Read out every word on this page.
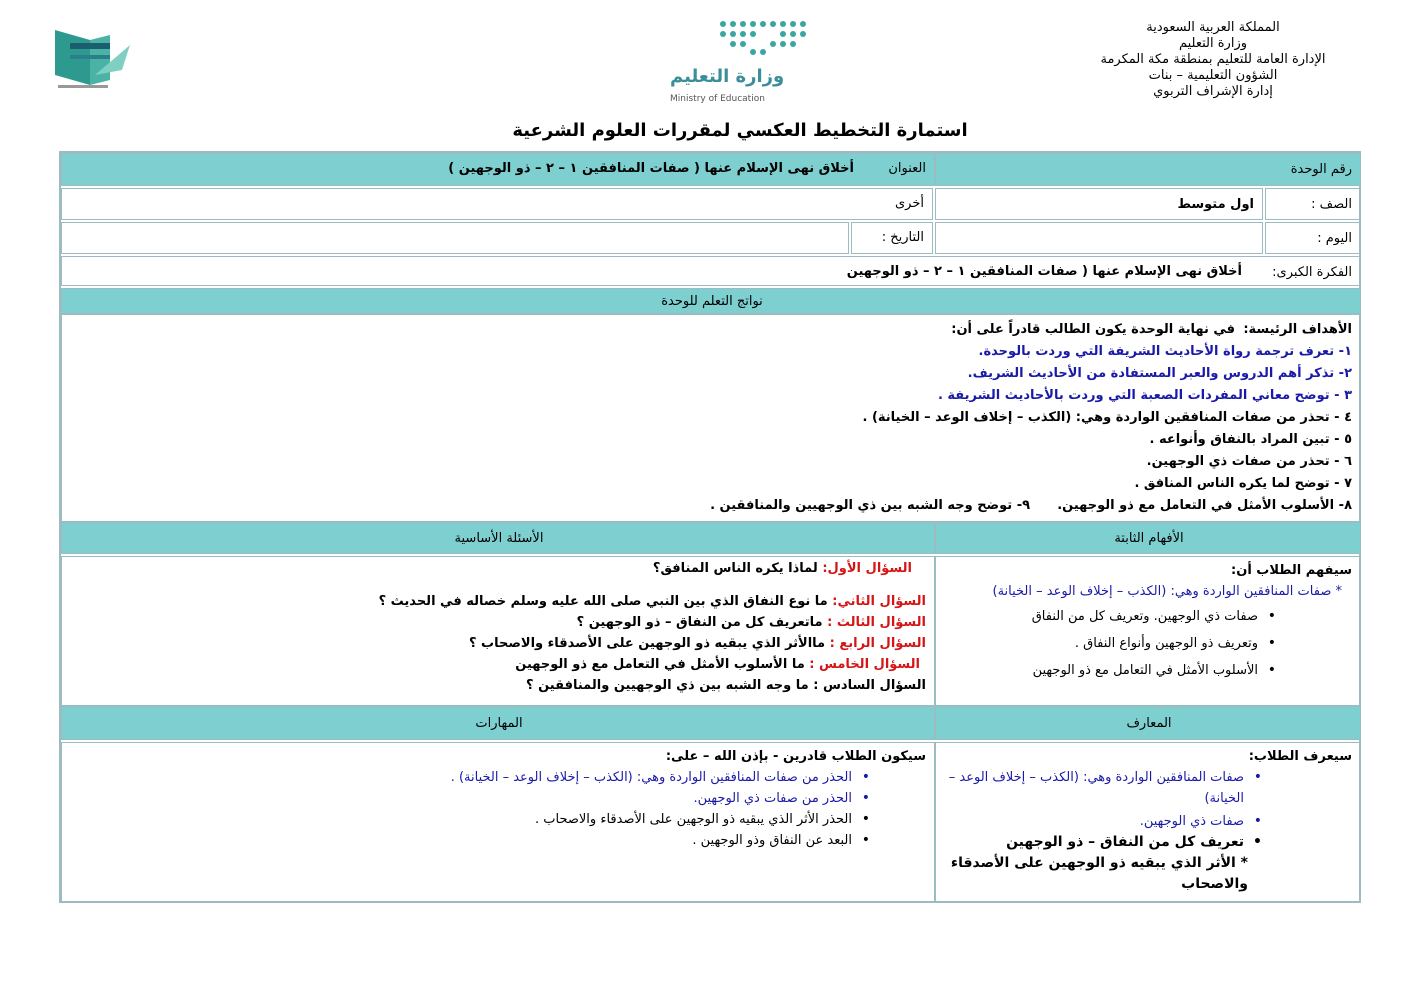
المملكة العربية السعودية
وزارة التعليم
الإدارة العامة للتعليم بمنطقة مكة المكرمة
الشؤون التعليمية – بنات
إدارة الإشراف التربوي
وزارة التعليم
Ministry of Education
استمارة التخطيط العكسي لمقررات العلوم الشرعية
رقم الوحدة
العنوان
أخلاق نهى الإسلام عنها ( صفات المنافقين ١ – ٢ – ذو الوجهين )
الصف :
اول متوسط
أخرى
اليوم :
التاريخ :
الفكرة الكبرى:
أخلاق نهى الإسلام عنها ( صفات المنافقين ١ – ٢ – ذو الوجهين
نواتج التعلم للوحدة
الأهداف الرئيسة:  في نهاية الوحدة يكون الطالب قادراً على أن:
١- تعرف ترجمة رواة الأحاديث الشريفة التي وردت بالوحدة.
٢- تذكر أهم الدروس والعبر المستفادة من الأحاديث الشريف.
٣ - توضح معاني المفردات الصعبة التي وردت بالأحاديث الشريفة .
٤ - تحذر من صفات المنافقين الواردة وهي: (الكذب – إخلاف الوعد – الخيانة) .
٥ - تبين المراد بالنفاق وأنواعه .
٦ - تحذر من صفات ذي الوجهين.
٧ - توضح لما يكره الناس المنافق .
٨- الأسلوب الأمثل في التعامل مع ذو الوجهين.      ٩- توضح وجه الشبه بين ذي الوجهيين والمنافقين .
الأفهام الثابتة
الأسئلة الأساسية
سيفهم الطلاب أن:
* صفات المنافقين الواردة وهي: (الكذب – إخلاف الوعد – الخيانة)
• صفات ذي الوجهين. وتعريف كل من النفاق
• وتعريف ذو الوجهين وأنواع النفاق .
• الأسلوب الأمثل في التعامل مع ذو الوجهين
السؤال الأول: لماذا يكره الناس المنافق؟
السؤال الثاني: ما نوع النفاق الذي بين النبي صلى الله عليه وسلم خصاله في الحديث ؟
السؤال الثالث : ماتعريف كل من النفاق – ذو الوجهين ؟
السؤال الرابع : ماالأثر الذي يبقيه ذو الوجهين على الأصدقاء والاصحاب ؟
السؤال الخامس : ما الأسلوب الأمثل في التعامل مع ذو الوجهين
السؤال السادس : ما وجه الشبه بين ذي الوجهيين والمنافقين ؟
المعارف
المهارات
سيعرف الطلاب:
• صفات المنافقين الواردة وهي: (الكذب – إخلاف الوعد – الخيانة)
• صفات ذي الوجهين.
• تعريف كل من النفاق – ذو الوجهين
* الأثر الذي يبقيه ذو الوجهين على الأصدقاء والاصحاب
سيكون الطلاب قادرين - بإذن الله – على:
• الحذر من صفات المنافقين الواردة وهي: (الكذب – إخلاف الوعد – الخيانة) .
• الحذر من صفات ذي الوجهين.
• الحذر الأثر الذي يبقيه ذو الوجهين على الأصدقاء والاصحاب .
• البعد عن النفاق وذو الوجهين .
